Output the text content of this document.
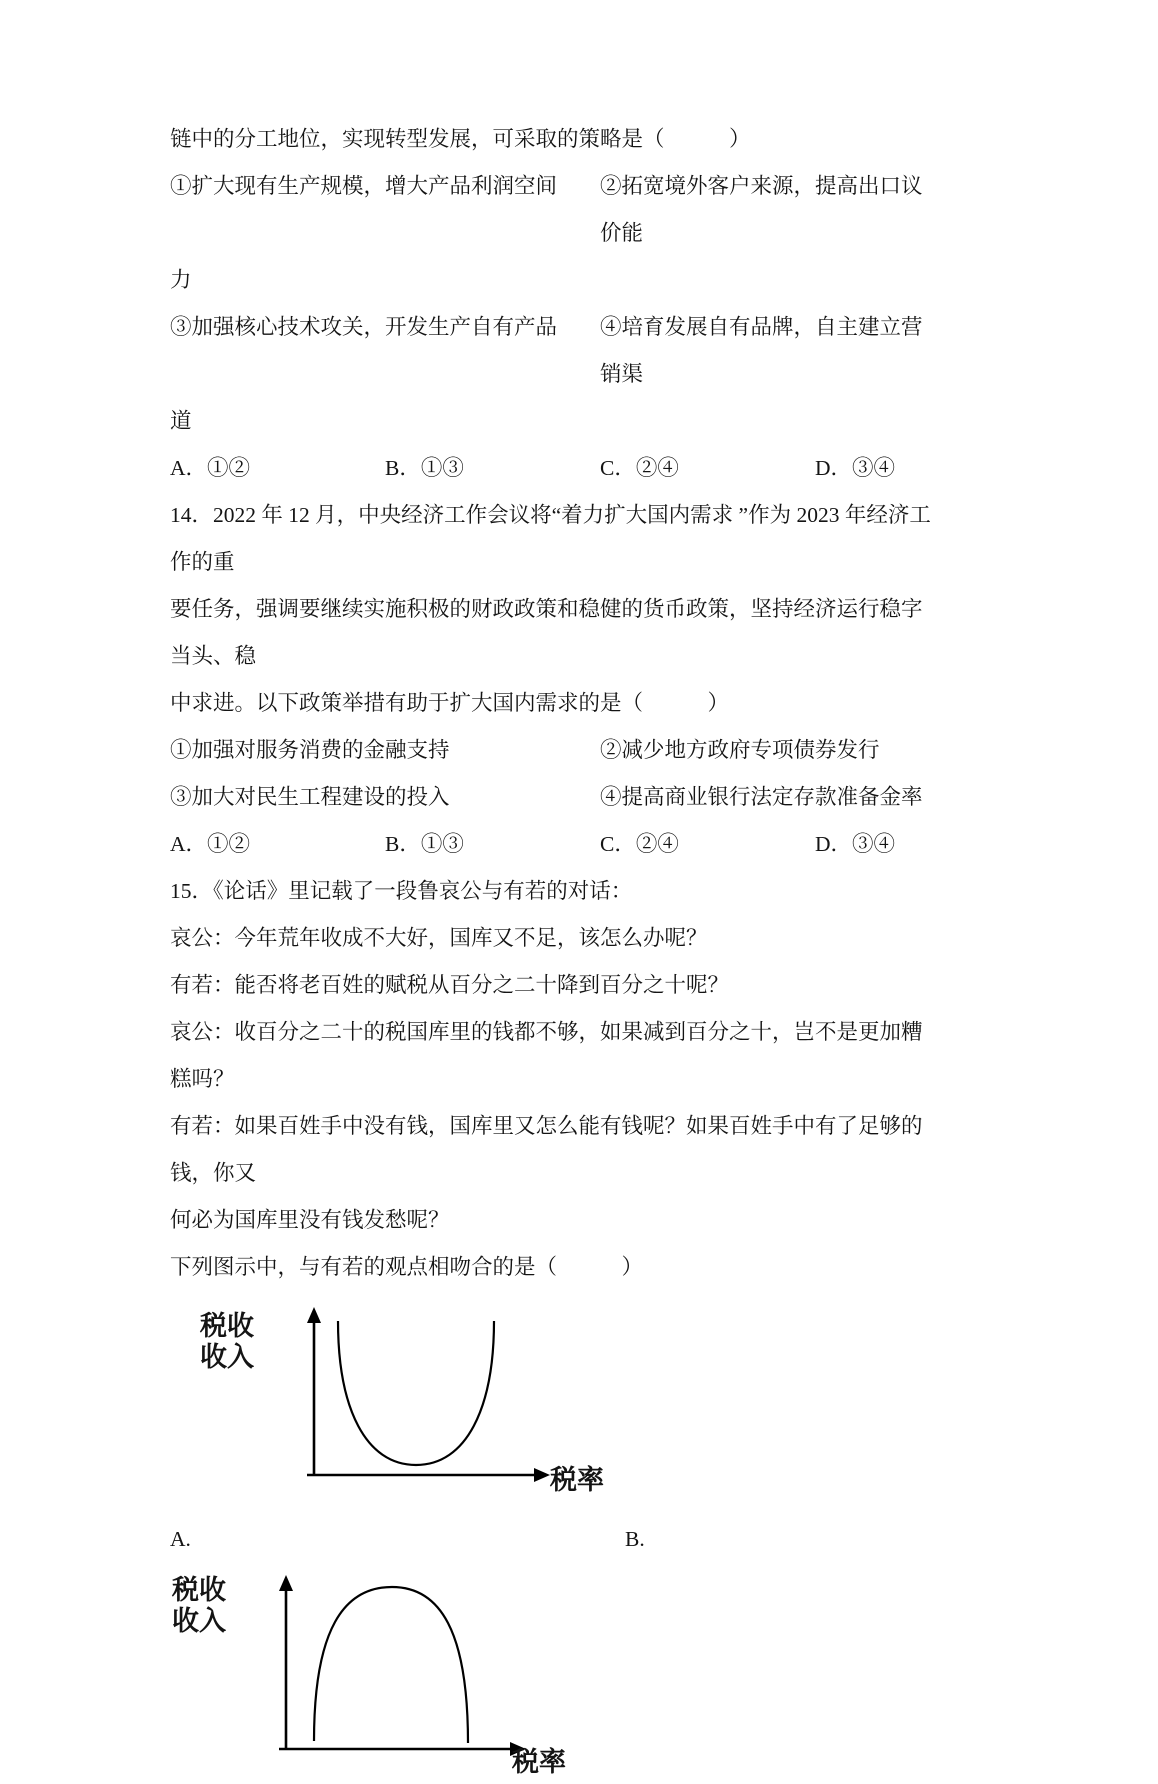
链中的分工地位，实现转型发展，可采取的策略是（　　　）

①扩大现有生产规模，增大产品利润空间	②拓宽境外客户来源，提高出口议价能

力

③加强核心技术攻关，开发生产自有产品	④培育发展自有品牌，自主建立营销渠

道

A．①②	B．①③	C．②④	D．③④

14．2022 年 12 月，中央经济工作会议将“着力扩大国内需求 ”作为 2023 年经济工作的重

要任务，强调要继续实施积极的财政政策和稳健的货币政策，坚持经济运行稳字当头、稳

中求进。以下政策举措有助于扩大国内需求的是（　　　）

①加强对服务消费的金融支持	②减少地方政府专项债券发行
③加大对民生工程建设的投入	④提高商业银行法定存款准备金率
A．①②	B．①③	C．②④	D．③④

15．《论话》里记载了一段鲁哀公与有若的对话：

哀公：今年荒年收成不大好，国库又不足，该怎么办呢？

有若：能否将老百姓的赋税从百分之二十降到百分之十呢？

哀公：收百分之二十的税国库里的钱都不够，如果减到百分之十，岂不是更加糟糕吗？

有若：如果百姓手中没有钱，国库里又怎么能有钱呢？如果百姓手中有了足够的钱，你又

何必为国库里没有钱发愁呢？

下列图示中，与有若的观点相吻合的是（　　　）

税收收入
税率
A.	B.
税收收入
税率
